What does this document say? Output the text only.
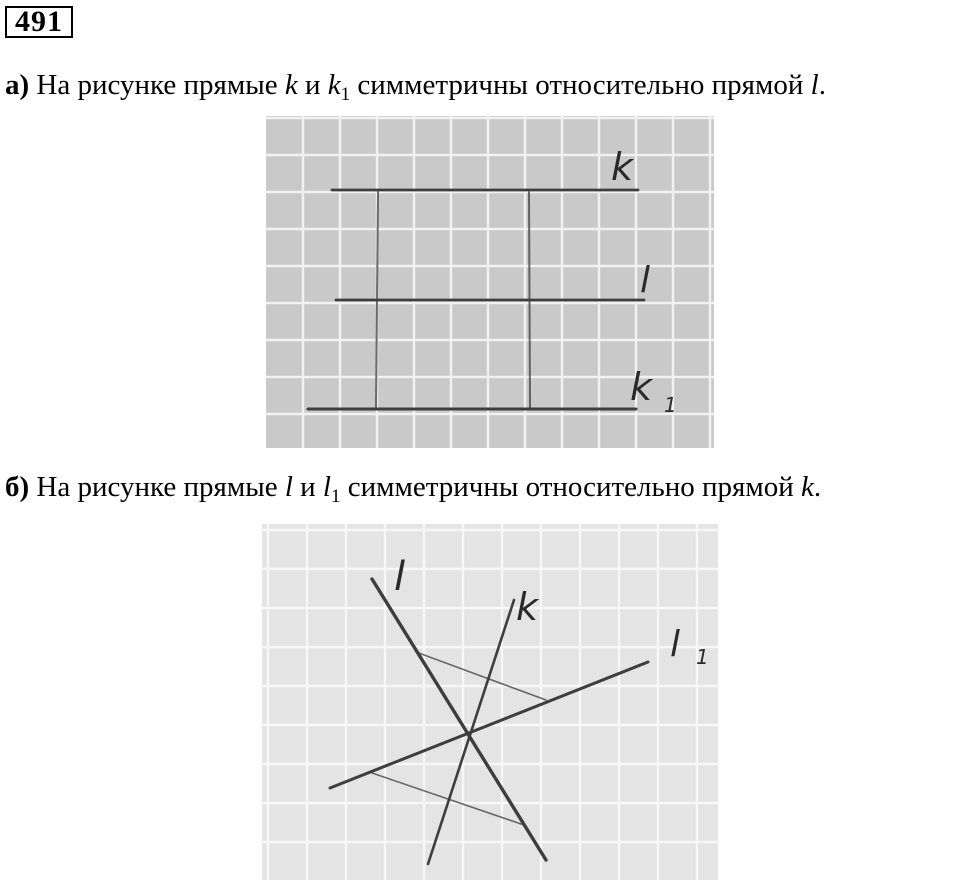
491
а) На рисунке прямые k и $k_1$ симметричны относительно прямой l.
k
l
k 1
б) На рисунке прямые l и $l_1$ симметричны относительно прямой k.
l
k
l 1
